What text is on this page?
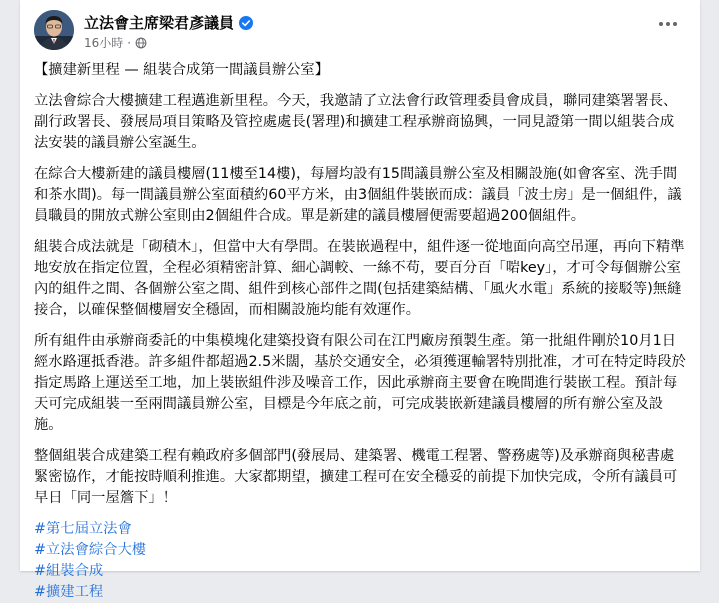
立法會主席梁君彥議員
16小時 ·

【擴建新里程 — 組裝合成第一間議員辦公室】

立法會綜合大樓擴建工程邁進新里程。今天，我邀請了立法會行政管理委員會成員，聯同建築署署長、副行政署長、發展局項目策略及管控處處長(署理)和擴建工程承辦商協興，一同見證第一間以組裝合成法安裝的議員辦公室誕生。

在綜合大樓新建的議員樓層(11樓至14樓)，每層均設有15間議員辦公室及相關設施(如會客室、洗手間和茶水間)。每一間議員辦公室面積約60平方米，由3個組件裝嵌而成：議員「波士房」是一個組件，議員職員的開放式辦公室則由2個組件合成。單是新建的議員樓層便需要超過200個組件。

組裝合成法就是「砌積木」，但當中大有學問。在裝嵌過程中，組件逐一從地面向高空吊運，再向下精準地安放在指定位置，全程必須精密計算、細心調較、一絲不苟，要百分百「啱key」，才可令每個辦公室內的組件之間、各個辦公室之間、組件到核心部件之間(包括建築結構、「風火水電」系統的接駁等)無縫接合，以確保整個樓層安全穩固，而相關設施均能有效運作。

所有組件由承辦商委託的中集模塊化建築投資有限公司在江門廠房預製生產。第一批組件剛於10月1日經水路運抵香港。許多組件都超過2.5米闊，基於交通安全，必須獲運輸署特別批准，才可在特定時段於指定馬路上運送至工地，加上裝嵌組件涉及噪音工作，因此承辦商主要會在晚間進行裝嵌工程。預計每天可完成組裝一至兩間議員辦公室，目標是今年底之前，可完成裝嵌新建議員樓層的所有辦公室及設施。

整個組裝合成建築工程有賴政府多個部門(發展局、建築署、機電工程署、警務處等)及承辦商與秘書處緊密協作，才能按時順利推進。大家都期望，擴建工程可在安全穩妥的前提下加快完成，令所有議員可早日「同一屋簷下」！

#第七屆立法會
#立法會綜合大樓
#組裝合成
#擴建工程
